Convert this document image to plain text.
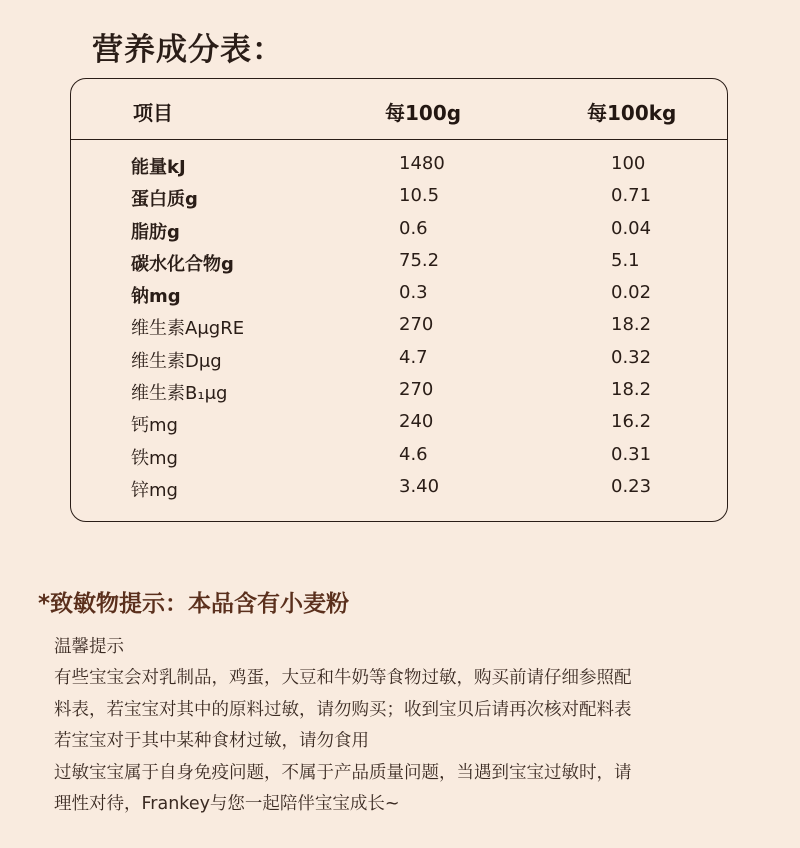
营养成分表：
项目	每100g	每100kg
能量kJ	1480	100
蛋白质g	10.5	0.71
脂肪g	0.6	0.04
碳水化合物g	75.2	5.1
钠mg	0.3	0.02
维生素AμgRE	270	18.2
维生素Dμg	4.7	0.32
维生素B₁μg	270	18.2
钙mg	240	16.2
铁mg	4.6	0.31
锌mg	3.40	0.23
*致敏物提示：本品含有小麦粉
温馨提示
有些宝宝会对乳制品，鸡蛋，大豆和牛奶等食物过敏，购买前请仔细参照配
料表，若宝宝对其中的原料过敏，请勿购买；收到宝贝后请再次核对配料表
若宝宝对于其中某种食材过敏，请勿食用
过敏宝宝属于自身免疫问题，不属于产品质量问题，当遇到宝宝过敏时，请
理性对待，Frankey与您一起陪伴宝宝成长~
